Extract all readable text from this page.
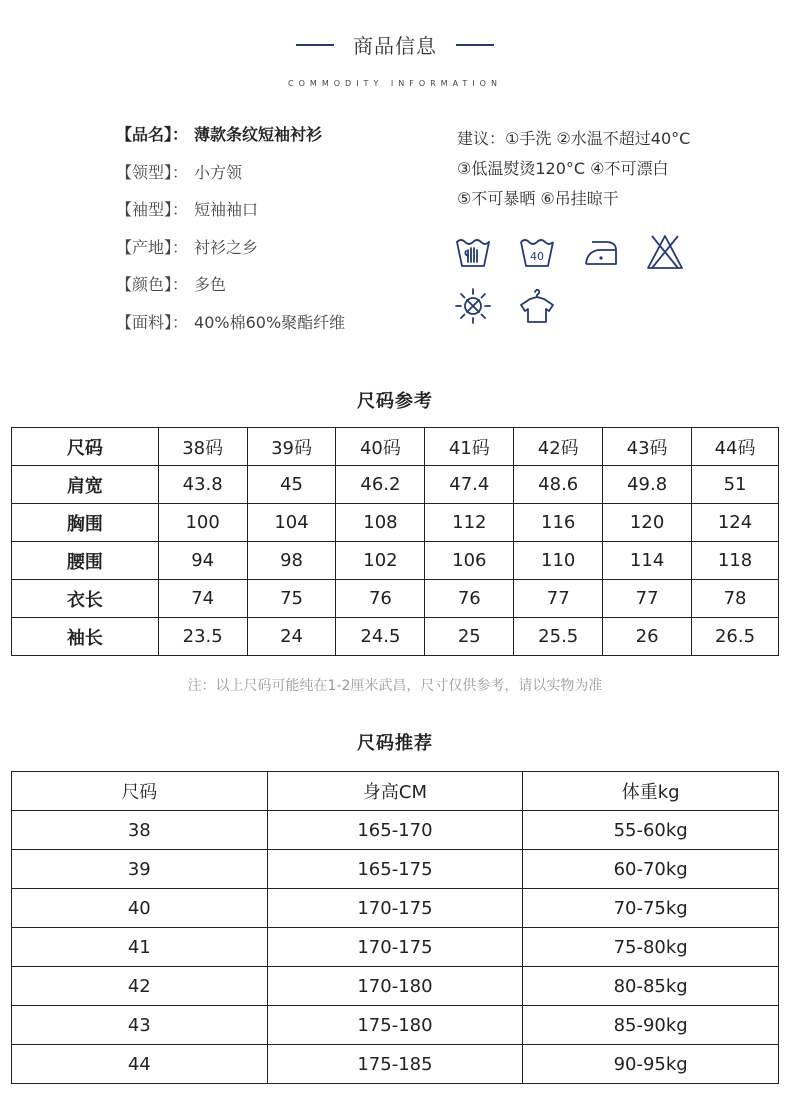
商品信息
COMMODITY INFORMATION
【品名】： 薄款条纹短袖衬衫
【领型】： 小方领
【袖型】： 短袖袖口
【产地】： 衬衫之乡
【颜色】： 多色
【面料】： 40%棉60%聚酯纤维
建议：①手洗 ②水温不超过40°C
③低温熨烫120°C ④不可漂白
⑤不可暴晒 ⑥吊挂晾干
40
尺码参考
尺码	38码	39码	40码	41码	42码	43码	44码
肩宽	43.8	45	46.2	47.4	48.6	49.8	51
胸围	100	104	108	112	116	120	124
腰围	94	98	102	106	110	114	118
衣长	74	75	76	76	77	77	78
袖长	23.5	24	24.5	25	25.5	26	26.5
注：以上尺码可能纯在1-2厘米武昌，尺寸仅供参考，请以实物为准
尺码推荐
尺码	身高CM	体重kg
38	165-170	55-60kg
39	165-175	60-70kg
40	170-175	70-75kg
41	170-175	75-80kg
42	170-180	80-85kg
43	175-180	85-90kg
44	175-185	90-95kg
